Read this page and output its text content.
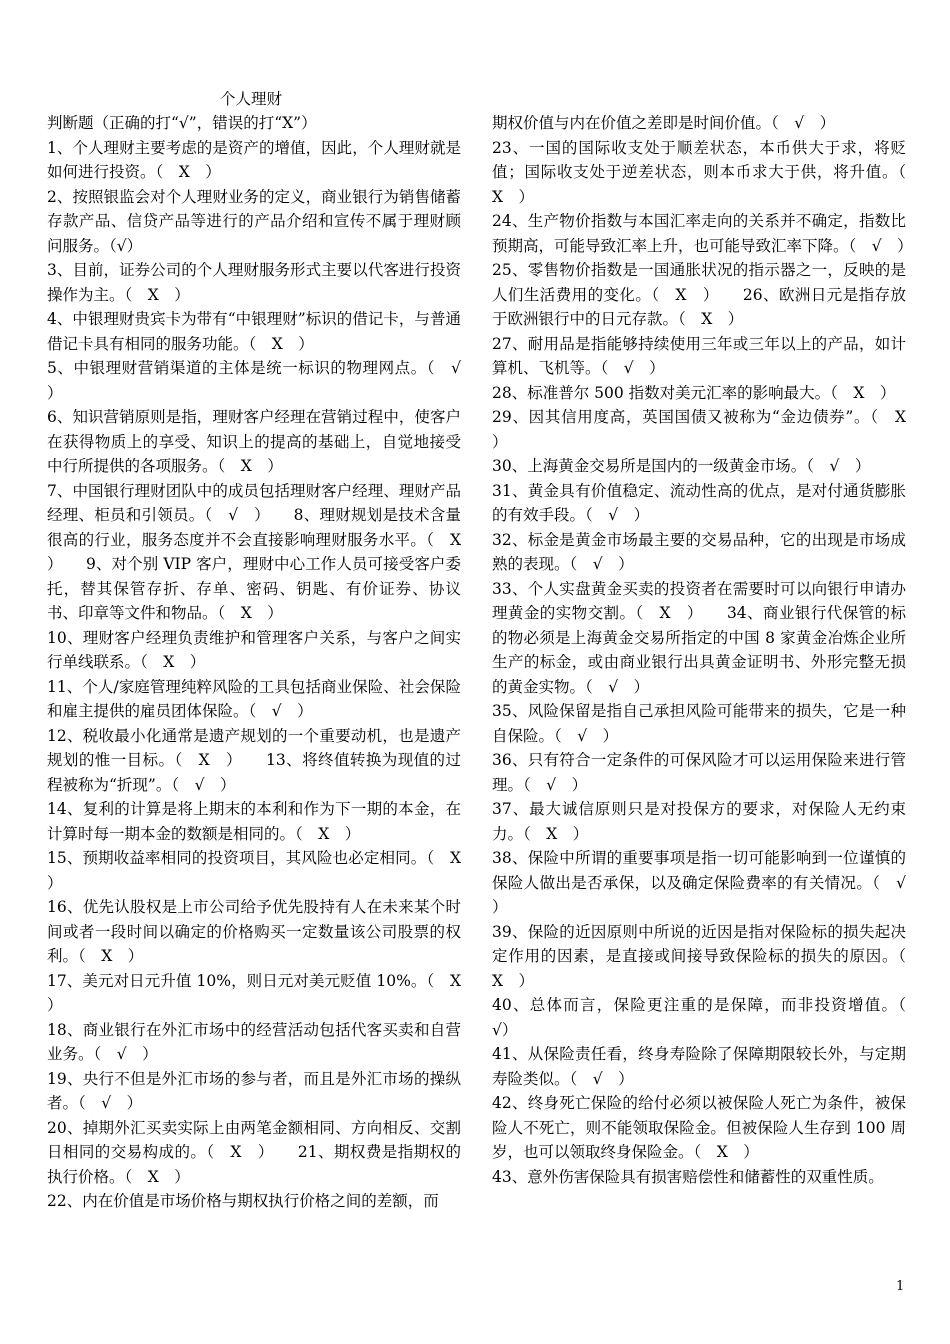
个人理财

判断题（正确的打“√”，错误的打“X”）

1、个人理财主要考虑的是资产的增值，因此，个人理财就是如何进行投资。（　X　）

2、按照银监会对个人理财业务的定义，商业银行为销售储蓄存款产品、信贷产品等进行的产品介绍和宣传不属于理财顾问服务。（√）

3、目前，证券公司的个人理财服务形式主要以代客进行投资操作为主。（　X　）

4、中银理财贵宾卡为带有“中银理财”标识的借记卡，与普通借记卡具有相同的服务功能。（　X　）

5、中银理财营销渠道的主体是统一标识的物理网点。（　√　）

6、知识营销原则是指，理财客户经理在营销过程中，使客户在获得物质上的享受、知识上的提高的基础上，自觉地接受中行所提供的各项服务。（　X　）

7、中国银行理财团队中的成员包括理财客户经理、理财产品经理、柜员和引领员。（　√　）　　8、理财规划是技术含量很高的行业，服务态度并不会直接影响理财服务水平。（　X　）　　9、对个别 VIP 客户，理财中心工作人员可接受客户委托，替其保管存折、存单、密码、钥匙、有价证券、协议书、印章等文件和物品。（　X　）

10、理财客户经理负责维护和管理客户关系，与客户之间实行单线联系。（　X　）

11、个人/家庭管理纯粹风险的工具包括商业保险、社会保险和雇主提供的雇员团体保险。（　√　）

12、税收最小化通常是遗产规划的一个重要动机，也是遗产规划的惟一目标。（　X　）　　13、将终值转换为现值的过程被称为“折现”。（　√　）

14、复利的计算是将上期末的本利和作为下一期的本金，在计算时每一期本金的数额是相同的。（　X　）

15、预期收益率相同的投资项目，其风险也必定相同。（　X　）

16、优先认股权是上市公司给予优先股持有人在未来某个时间或者一段时间以确定的价格购买一定数量该公司股票的权利。（　X　）

17、美元对日元升值 10%，则日元对美元贬值 10%。（　X　）

18、商业银行在外汇市场中的经营活动包括代客买卖和自营业务。（　√　）

19、央行不但是外汇市场的参与者，而且是外汇市场的操纵者。（　√　）

20、掉期外汇买卖实际上由两笔金额相同、方向相反、交割日相同的交易构成的。（　X　）　　21、期权费是指期权的执行价格。（　X　）

22、内在价值是市场价格与期权执行价格之间的差额，而

期权价值与内在价值之差即是时间价值。（　√　）

23、一国的国际收支处于顺差状态，本币供大于求，将贬值；国际收支处于逆差状态，则本币求大于供，将升值。（　X　）

24、生产物价指数与本国汇率走向的关系并不确定，指数比预期高，可能导致汇率上升，也可能导致汇率下降。（　√　）

25、零售物价指数是一国通胀状况的指示器之一，反映的是人们生活费用的变化。（　X　）　　26、欧洲日元是指存放于欧洲银行中的日元存款。（　X　）

27、耐用品是指能够持续使用三年或三年以上的产品，如计算机、飞机等。（　√　）

28、标准普尔 500 指数对美元汇率的影响最大。（　X　）

29、因其信用度高，英国国债又被称为“金边债券”。（　X　）

30、上海黄金交易所是国内的一级黄金市场。（　√　）

31、黄金具有价值稳定、流动性高的优点，是对付通货膨胀的有效手段。（　√　）

32、标金是黄金市场最主要的交易品种，它的出现是市场成熟的表现。（　√　）

33、个人实盘黄金买卖的投资者在需要时可以向银行申请办理黄金的实物交割。（　X　）　　34、商业银行代保管的标的物必须是上海黄金交易所指定的中国 8 家黄金冶炼企业所生产的标金，或由商业银行出具黄金证明书、外形完整无损的黄金实物。（　√　）

35、风险保留是指自己承担风险可能带来的损失，它是一种自保险。（　√　）

36、只有符合一定条件的可保风险才可以运用保险来进行管理。（　√　）

37、最大诚信原则只是对投保方的要求，对保险人无约束力。（　X　）

38、保险中所谓的重要事项是指一切可能影响到一位谨慎的保险人做出是否承保，以及确定保险费率的有关情况。（　√　）

39、保险的近因原则中所说的近因是指对保险标的损失起决定作用的因素，是直接或间接导致保险标的损失的原因。（　X　）

40、总体而言，保险更注重的是保障，而非投资增值。（　√）

41、从保险责任看，终身寿险除了保障期限较长外，与定期寿险类似。（　√　）

42、终身死亡保险的给付必须以被保险人死亡为条件，被保险人不死亡，则不能领取保险金。但被保险人生存到 100 周岁，也可以领取终身保险金。（　X　）

43、意外伤害保险具有损害赔偿性和储蓄性的双重性质。

1
